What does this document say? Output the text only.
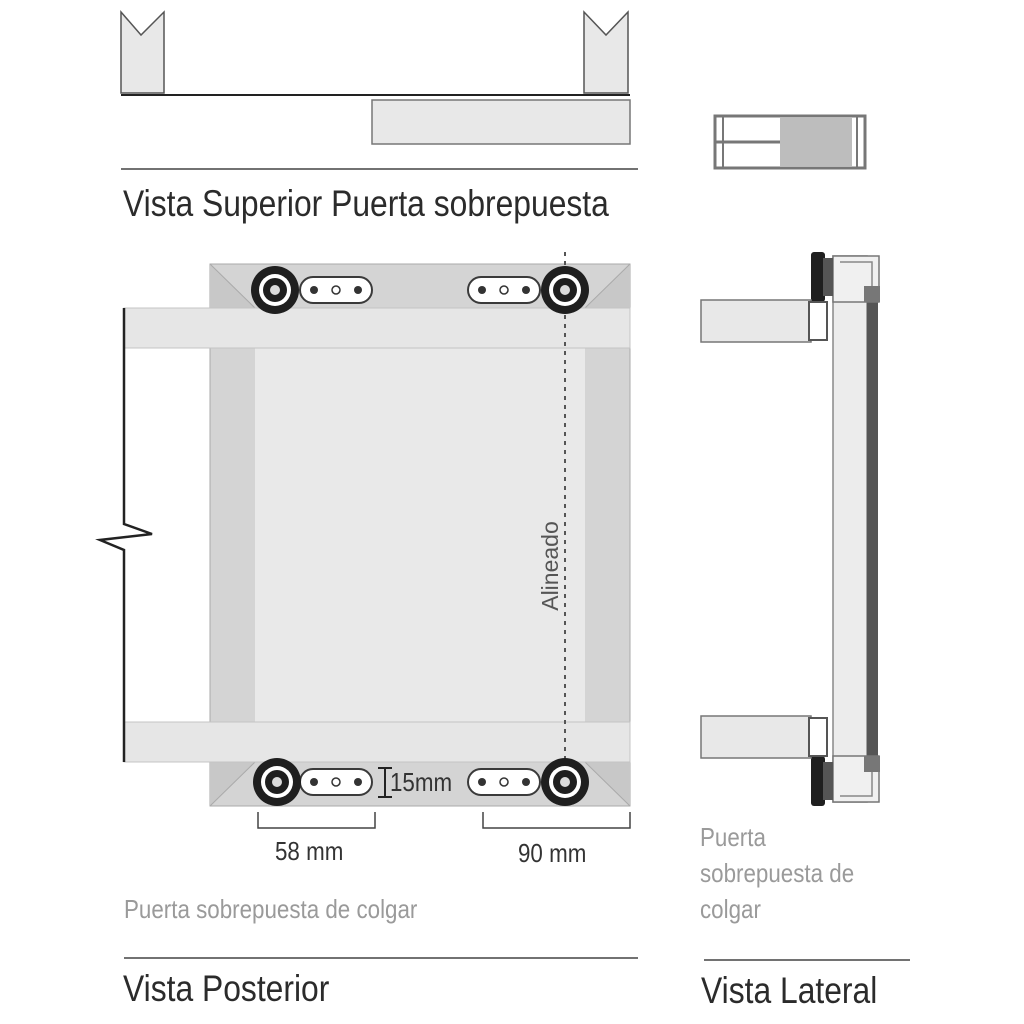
Vista Superior Puerta sobrepuesta
Alineado
15mm
58 mm	90 mm
Puerta sobrepuesta de colgar
Vista Posterior
Puerta
sobrepuesta de
colgar
Vista Lateral
